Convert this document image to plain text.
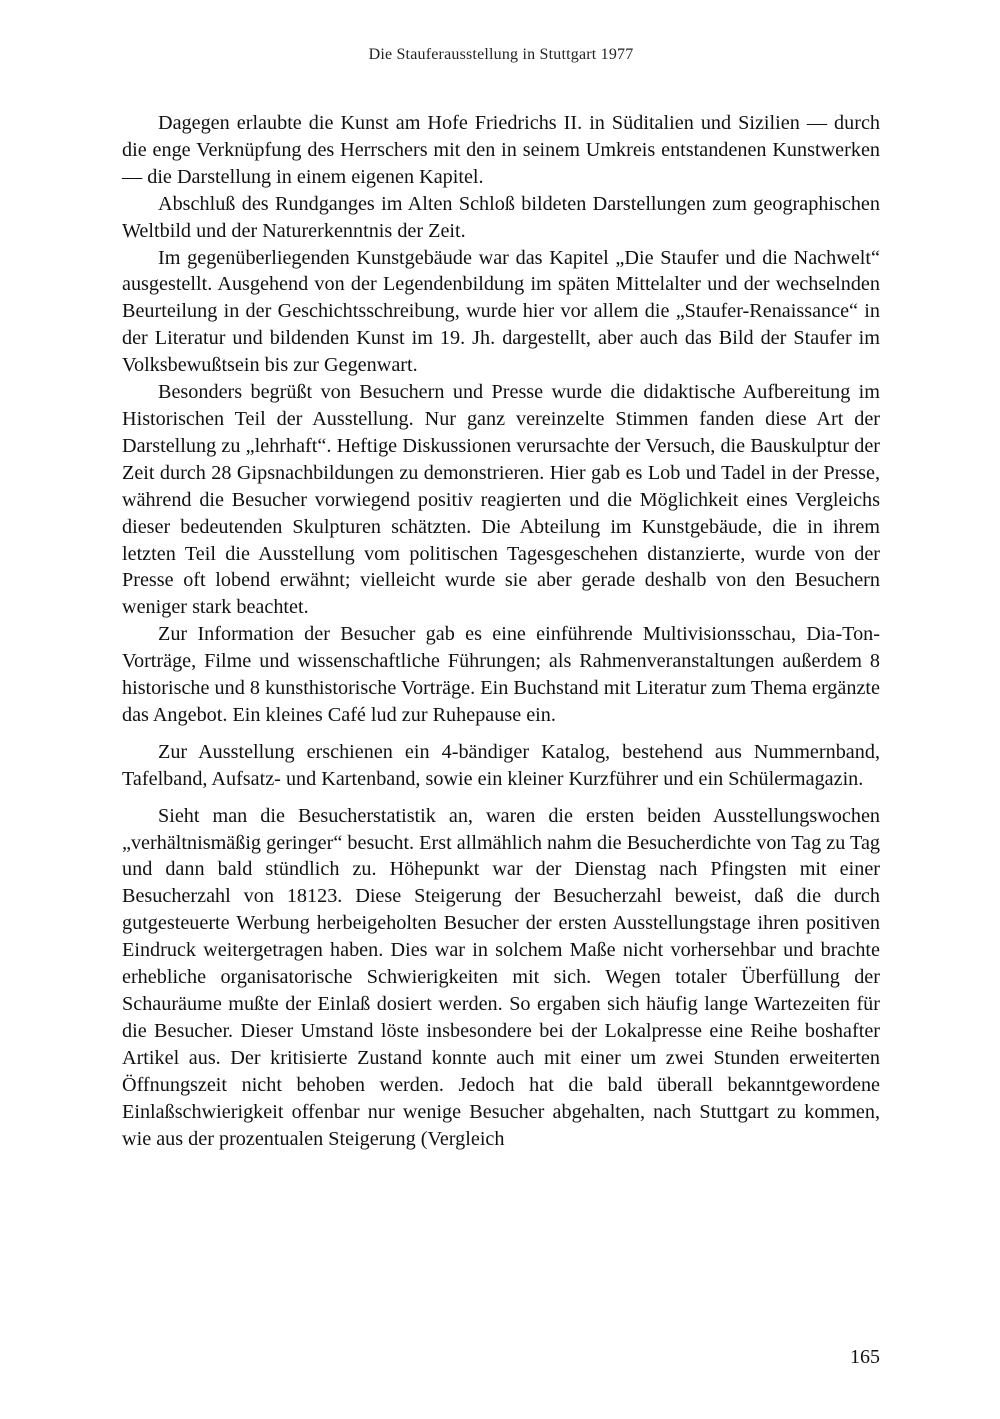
Die Stauferausstellung in Stuttgart 1977

Dagegen erlaubte die Kunst am Hofe Friedrichs II. in Süditalien und Sizilien — durch die enge Verknüpfung des Herrschers mit den in seinem Umkreis entstandenen Kunstwerken — die Darstellung in einem eigenen Kapitel.

Abschluß des Rundganges im Alten Schloß bildeten Darstellungen zum geographischen Weltbild und der Naturerkenntnis der Zeit.

Im gegenüberliegenden Kunstgebäude war das Kapitel „Die Staufer und die Nachwelt“ ausgestellt. Ausgehend von der Legendenbildung im späten Mittelalter und der wechselnden Beurteilung in der Geschichtsschreibung, wurde hier vor allem die „Staufer-Renaissance“ in der Literatur und bildenden Kunst im 19. Jh. dargestellt, aber auch das Bild der Staufer im Volksbewußtsein bis zur Gegenwart.

Besonders begrüßt von Besuchern und Presse wurde die didaktische Aufbereitung im Historischen Teil der Ausstellung. Nur ganz vereinzelte Stimmen fanden diese Art der Darstellung zu „lehrhaft“. Heftige Diskussionen verursachte der Versuch, die Bauskulptur der Zeit durch 28 Gipsnachbildungen zu demonstrieren. Hier gab es Lob und Tadel in der Presse, während die Besucher vorwiegend positiv reagierten und die Möglichkeit eines Vergleichs dieser bedeutenden Skulpturen schätzten. Die Abteilung im Kunstgebäude, die in ihrem letzten Teil die Ausstellung vom politischen Tagesgeschehen distanzierte, wurde von der Presse oft lobend erwähnt; vielleicht wurde sie aber gerade deshalb von den Besuchern weniger stark beachtet.

Zur Information der Besucher gab es eine einführende Multivisionsschau, Dia-Ton-Vorträge, Filme und wissenschaftliche Führungen; als Rahmenveranstaltungen außerdem 8 historische und 8 kunsthistorische Vorträge. Ein Buchstand mit Literatur zum Thema ergänzte das Angebot. Ein kleines Café lud zur Ruhepause ein.

Zur Ausstellung erschienen ein 4-bändiger Katalog, bestehend aus Nummernband, Tafelband, Aufsatz- und Kartenband, sowie ein kleiner Kurzführer und ein Schülermagazin.

Sieht man die Besucherstatistik an, waren die ersten beiden Ausstellungswochen „verhältnismäßig geringer“ besucht. Erst allmählich nahm die Besucherdichte von Tag zu Tag und dann bald stündlich zu. Höhepunkt war der Dienstag nach Pfingsten mit einer Besucherzahl von 18123. Diese Steigerung der Besucherzahl beweist, daß die durch gutgesteuerte Werbung herbeigeholten Besucher der ersten Ausstellungstage ihren positiven Eindruck weitergetragen haben. Dies war in solchem Maße nicht vorhersehbar und brachte erhebliche organisatorische Schwierigkeiten mit sich. Wegen totaler Überfüllung der Schauräume mußte der Einlaß dosiert werden. So ergaben sich häufig lange Wartezeiten für die Besucher. Dieser Umstand löste insbesondere bei der Lokalpresse eine Reihe boshafter Artikel aus. Der kritisierte Zustand konnte auch mit einer um zwei Stunden erweiterten Öffnungszeit nicht behoben werden. Jedoch hat die bald überall bekanntgewordene Einlaßschwierigkeit offenbar nur wenige Besucher abgehalten, nach Stuttgart zu kommen, wie aus der prozentualen Steigerung (Vergleich

165
